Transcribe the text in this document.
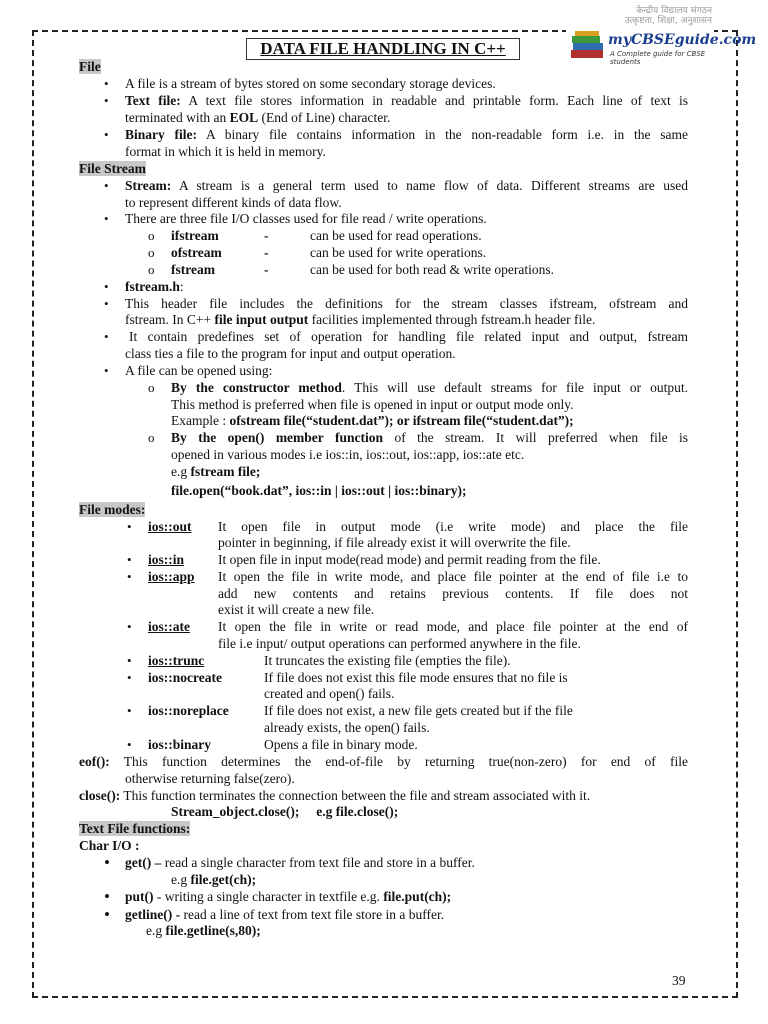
केन्द्रीय विद्यालय संगठन
उत्कृष्टता, शिक्षा, अनुशासन
myCBSEguide.com
A Complete guide for CBSE students
DATA FILE HANDLING IN C++
File
• A file is a stream of bytes stored on some secondary storage devices.
• Text file: A text file stores information in readable and printable form. Each line of text is
terminated with an EOL (End of Line) character.
• Binary file: A binary file contains information in the non-readable form i.e. in the same
format in which it is held in memory.
File Stream
• Stream: A stream is a general term used to name flow of data. Different streams are used
to represent different kinds of data flow.
• There are three file I/O classes used for file read / write operations.
o ifstream	-	can be used for read operations.
o ofstream	-	can be used for write operations.
o fstream	-	can be used for both read & write operations.
• fstream.h:
• This header file includes the definitions for the stream classes ifstream, ofstream and
fstream. In C++ file input output facilities implemented through fstream.h header file.
• It contain predefines set of operation for handling file related input and output, fstream
class ties a file to the program for input and output operation.
• A file can be opened using:
o By the constructor method. This will use default streams for file input or output.
This method is preferred when file is opened in input or output mode only.
Example : ofstream file(“student.dat”); or ifstream file(“student.dat”);
o By the open() member function of the stream. It will preferred when file is
opened in various modes i.e ios::in, ios::out, ios::app, ios::ate etc.
e.g fstream file;
file.open(“book.dat”, ios::in | ios::out | ios::binary);
File modes:
• ios::out It open file in output mode (i.e write mode) and place the file
pointer in beginning, if file already exist it will overwrite the file.
• ios::in	It open file in input mode(read mode) and permit reading from the file.
• ios::app It open the file in write mode, and place file pointer at the end of file i.e to
add new contents and retains previous contents. If file does not
exist it will create a new file.
• ios::ate It open the file in write or read mode, and place file pointer at the end of
file i.e input/ output operations can performed anywhere in the file.
• ios::trunc	It truncates the existing file (empties the file).
• ios::nocreate	If file does not exist this file mode ensures that no file is
created and open() fails.
• ios::noreplace	If file does not exist, a new file gets created but if the file
already exists, the open() fails.
• ios::binary	Opens a file in binary mode.
eof(): This function determines the end-of-file by returning true(non-zero) for end of file
otherwise returning false(zero).
close(): This function terminates the connection between the file and stream associated with it.
Stream_object.close();     e.g file.close();
Text File functions:
Char I/O :
• get() – read a single character from text file and store in a buffer.
e.g file.get(ch);
• put() - writing a single character in textfile e.g. file.put(ch);
• getline() - read a line of text from text file store in a buffer.
e.g file.getline(s,80);
39
